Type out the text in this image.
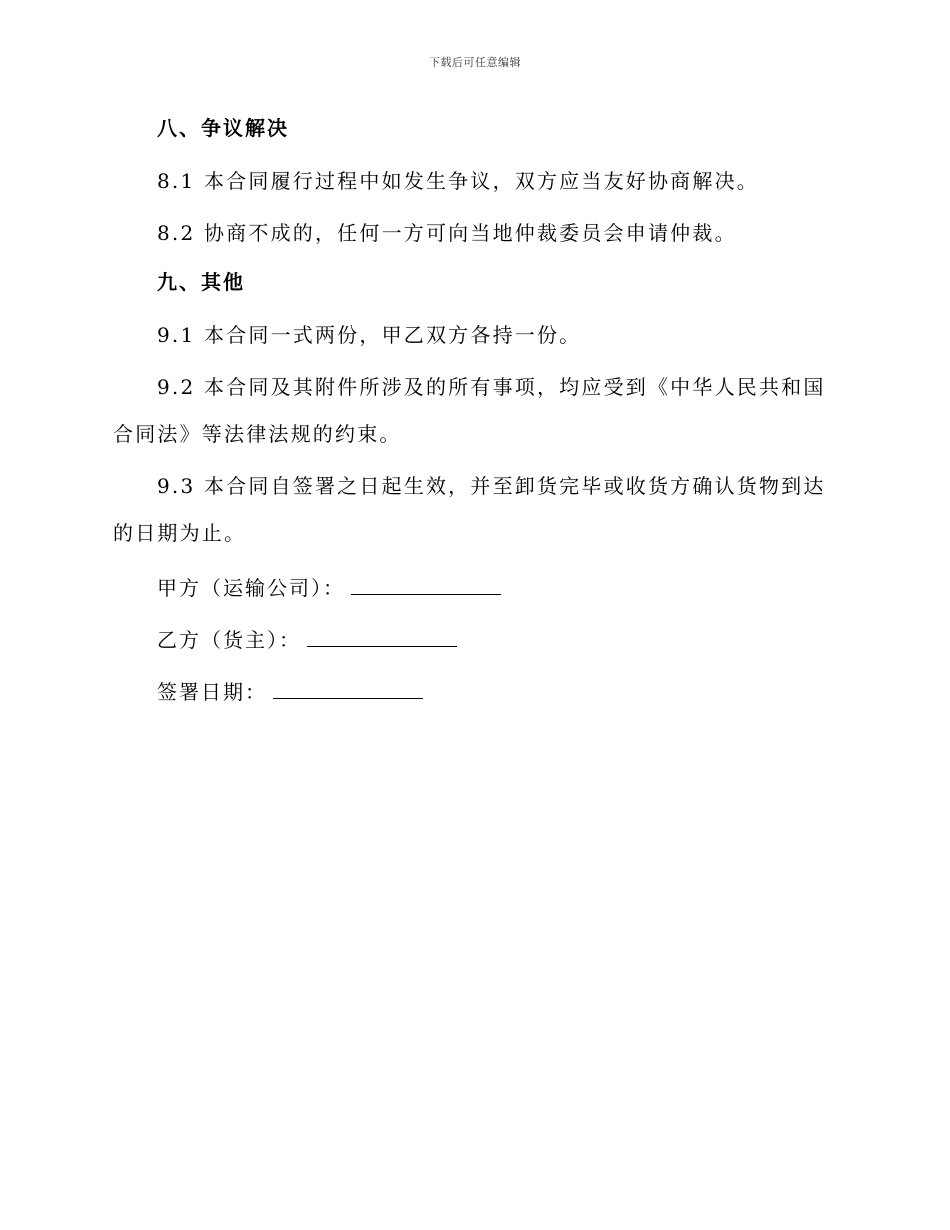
下载后可任意编辑
八、争议解决

8.1 本合同履行过程中如发生争议，双方应当友好协商解决。

8.2 协商不成的，任何一方可向当地仲裁委员会申请仲裁。

九、其他

9.1 本合同一式两份，甲乙双方各持一份。

9.2 本合同及其附件所涉及的所有事项，均应受到《中华人民共和国合同法》等法律法规的约束。

9.3 本合同自签署之日起生效，并至卸货完毕或收货方确认货物到达的日期为止。

甲方（运输公司）：
乙方（货主）：
签署日期：
